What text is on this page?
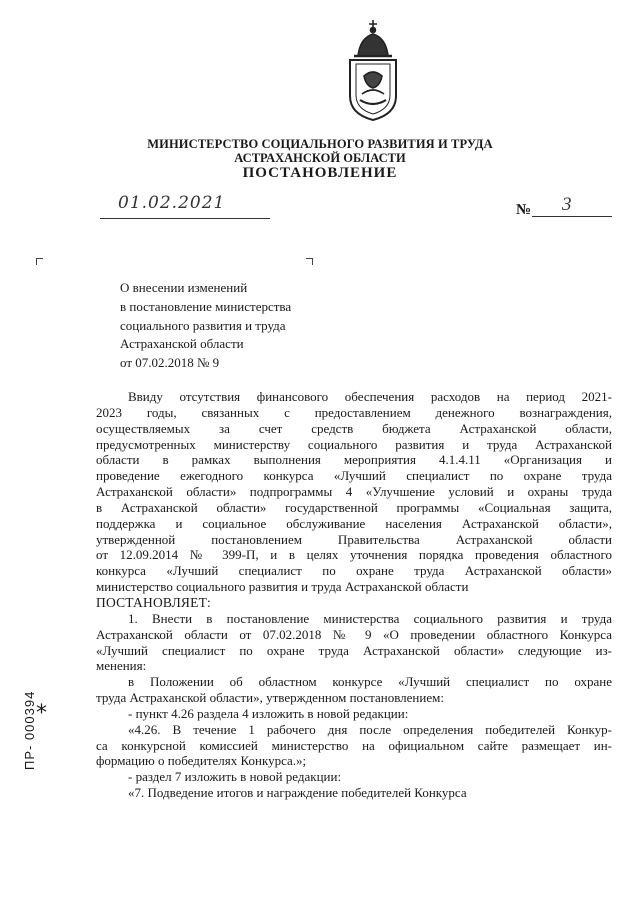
МИНИСТЕРСТВО СОЦИАЛЬНОГО РАЗВИТИЯ И ТРУДА
АСТРАХАНСКОЙ ОБЛАСТИ
ПОСТАНОВЛЕНИЕ
01.02.2021	№ 3
О внесении изменений
в постановление министерства
социального развития и труда
Астраханской области
от 07.02.2018 № 9

Ввиду отсутствия финансового обеспечения расходов на период 2021-

2023 годы, связанных с предоставлением денежного вознаграждения,

осуществляемых за счет средств бюджета Астраханской области,

предусмотренных министерству социального развития и труда Астраханской

области в рамках выполнения мероприятия 4.1.4.11 «Организация и

проведение ежегодного конкурса «Лучший специалист по охране труда

Астраханской области» подпрограммы 4 «Улучшение условий и охраны труда

в Астраханской области» государственной программы «Социальная защита,

поддержка и социальное обслуживание населения Астраханской области»,

утвержденной постановлением Правительства Астраханской области

от 12.09.2014 № 399-П, и в целях уточнения порядка проведения областного

конкурса «Лучший специалист по охране труда Астраханской области»

министерство социального развития и труда Астраханской области

ПОСТАНОВЛЯЕТ:

1. Внести в постановление министерства социального развития и труда

Астраханской области от 07.02.2018 № 9 «О проведении областного Конкурса

«Лучший специалист по охране труда Астраханской области» следующие из-

менения:

в Положении об областном конкурсе «Лучший специалист по охране

труда Астраханской области», утвержденном постановлением:

- пункт 4.26 раздела 4 изложить в новой редакции:

«4.26. В течение 1 рабочего дня после определения победителей Конкур-

са конкурсной комиссией министерство на официальном сайте размещает ин-

формацию о победителях Конкурса.»;

- раздел 7 изложить в новой редакции:

«7. Подведение итогов и награждение победителей Конкурса

⁎
ПР- 000394
